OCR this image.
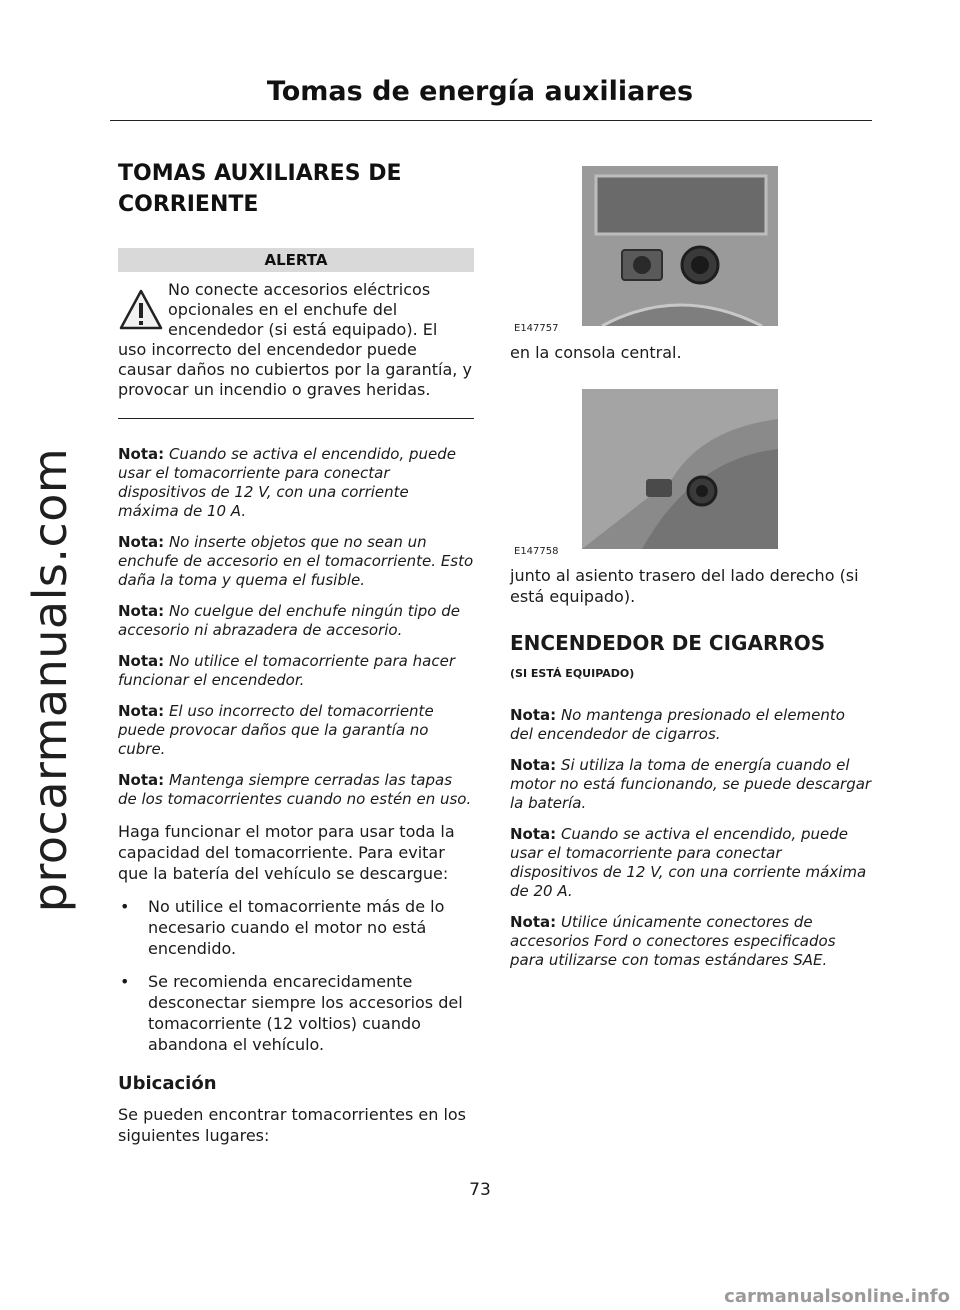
procarmanuals.com
Tomas de energía auxiliares
TOMAS AUXILIARES DE
CORRIENTE
ALERTA
No conecte accesorios eléctricos
opcionales en el enchufe del
encendedor (si está equipado). El
uso incorrecto del encendedor puede causar daños no cubiertos por la garantía, y provocar un incendio o graves heridas.

Nota: Cuando se activa el encendido, puede usar el tomacorriente para conectar dispositivos de 12 V, con una corriente máxima de 10 A.

Nota: No inserte objetos que no sean un enchufe de accesorio en el tomacorriente. Esto daña la toma y quema el fusible.

Nota: No cuelgue del enchufe ningún tipo de accesorio ni abrazadera de accesorio.

Nota: No utilice el tomacorriente para hacer funcionar el encendedor.

Nota: El uso incorrecto del tomacorriente puede provocar daños que la garantía no cubre.

Nota: Mantenga siempre cerradas las tapas de los tomacorrientes cuando no estén en uso.

Haga funcionar el motor para usar toda la capacidad del tomacorriente. Para evitar que la batería del vehículo se descargue:

• No utilice el tomacorriente más de lo necesario cuando el motor no está encendido.
• Se recomienda encarecidamente desconectar siempre los accesorios del tomacorriente (12 voltios) cuando abandona el vehículo.
Ubicación

Se pueden encontrar tomacorrientes en los siguientes lugares:

E147757

en la consola central.

E147758

junto al asiento trasero del lado derecho (si está equipado).

ENCENDEDOR DE CIGARROS
(SI ESTÁ EQUIPADO)

Nota: No mantenga presionado el elemento del encendedor de cigarros.

Nota: Si utiliza la toma de energía cuando el motor no está funcionando, se puede descargar la batería.

Nota: Cuando se activa el encendido, puede usar el tomacorriente para conectar dispositivos de 12 V, con una corriente máxima de 20 A.

Nota: Utilice únicamente conectores de accesorios Ford o conectores especificados para utilizarse con tomas estándares SAE.

73
carmanualsonline.info
